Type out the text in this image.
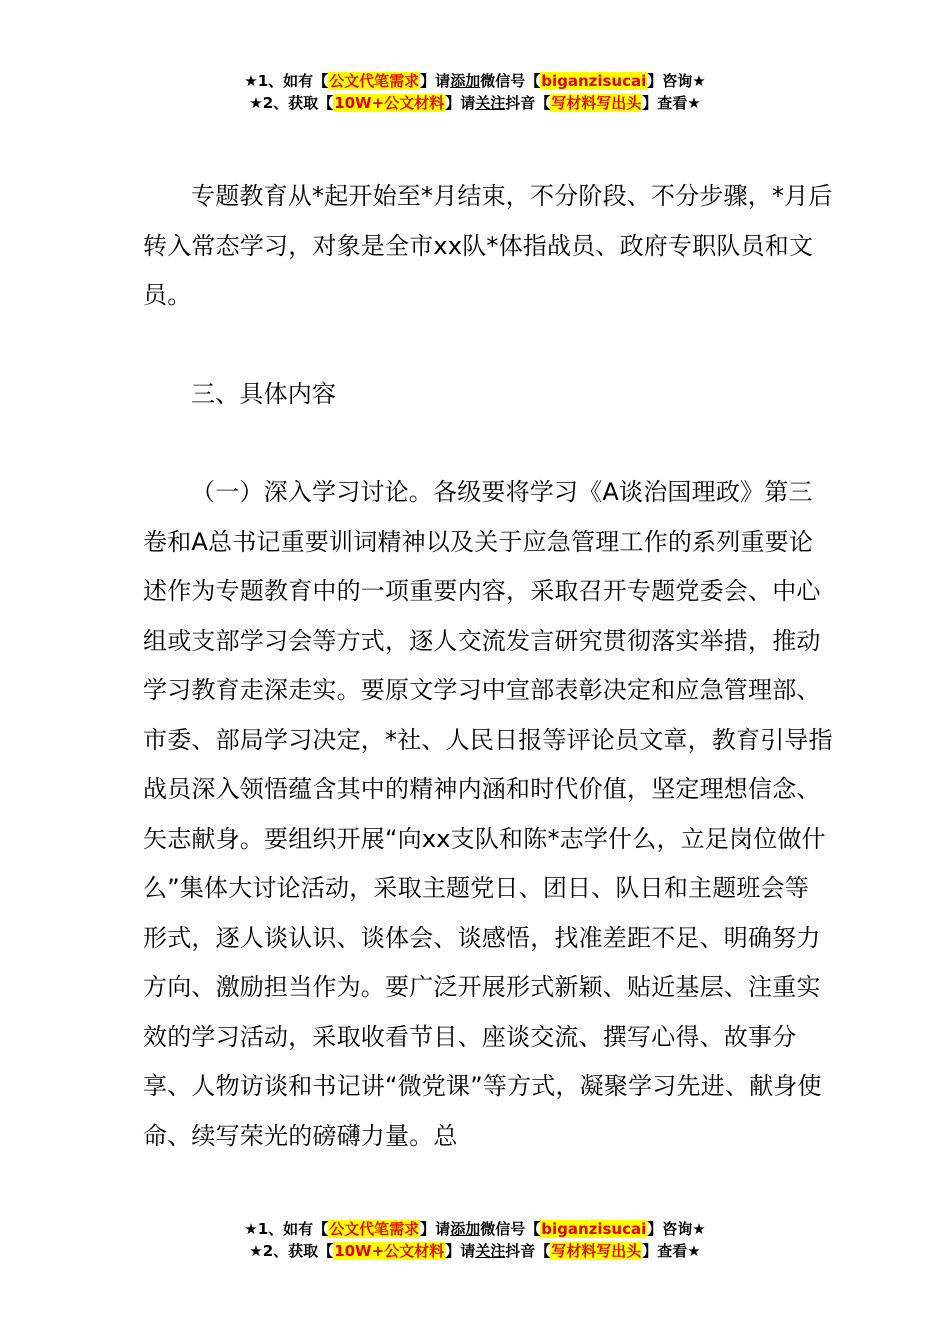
★1、如有【公文代笔需求】请添加微信号【biganzisucai】咨询★
★2、获取【10W+公文材料】请关注抖音【写材料写出头】查看★

专题教育从*起开始至*月结束，不分阶段、不分步骤，*月后转入常态学习，对象是全市xx队*体指战员、政府专职队员和文员。

三、具体内容

（一）深入学习讨论。各级要将学习《A谈治国理政》第三卷和A总书记重要训词精神以及关于应急管理工作的系列重要论述作为专题教育中的一项重要内容，采取召开专题党委会、中心组或支部学习会等方式，逐人交流发言研究贯彻落实举措，推动学习教育走深走实。要原文学习中宣部表彰决定和应急管理部、市委、部局学习决定，*社、人民日报等评论员文章，教育引导指战员深入领悟蕴含其中的精神内涵和时代价值，坚定理想信念、矢志献身。要组织开展“向xx支队和陈*志学什么，立足岗位做什么”集体大讨论活动，采取主题党日、团日、队日和主题班会等形式，逐人谈认识、谈体会、谈感悟，找准差距不足、明确努力方向、激励担当作为。要广泛开展形式新颖、贴近基层、注重实效的学习活动，采取收看节目、座谈交流、撰写心得、故事分享、人物访谈和书记讲“微党课”等方式，凝聚学习先进、献身使命、续写荣光的磅礴力量。总

★1、如有【公文代笔需求】请添加微信号【biganzisucai】咨询★
★2、获取【10W+公文材料】请关注抖音【写材料写出头】查看★
